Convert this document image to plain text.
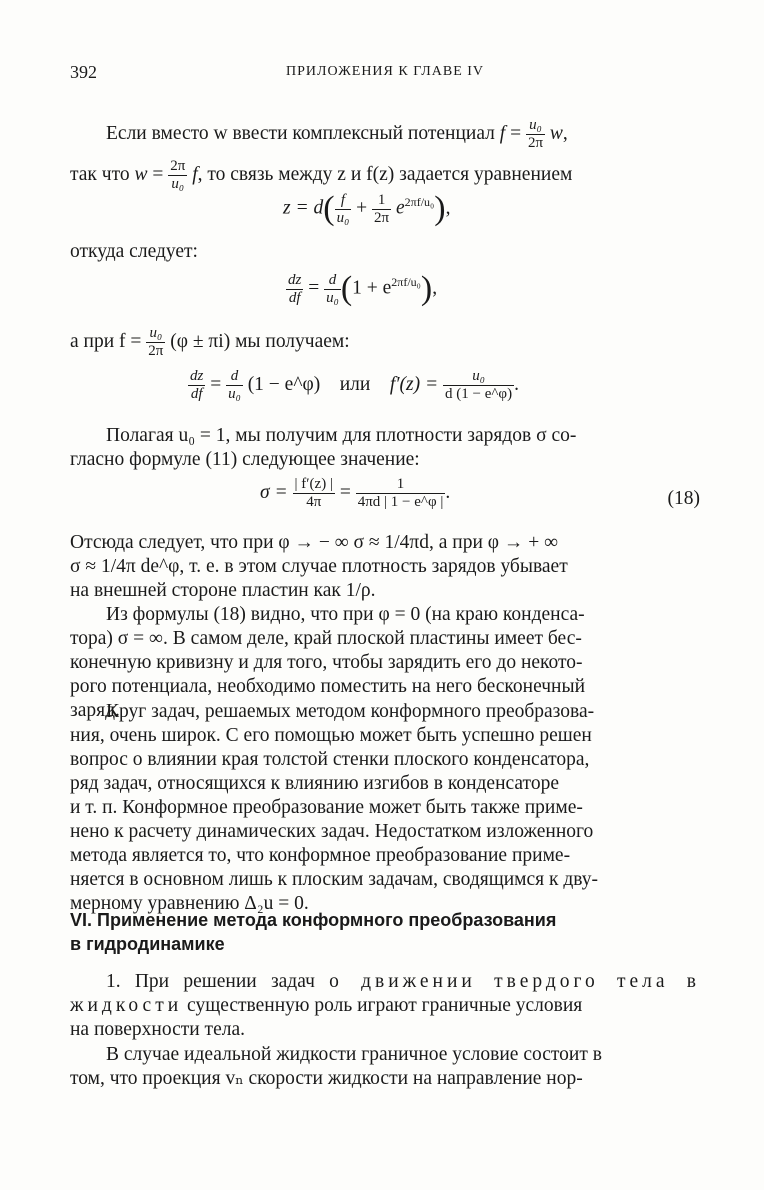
392	ПРИЛОЖЕНИЯ К ГЛАВЕ IV
Если вместо w ввести комплексный потенциал $f = \frac{\text{u₀}}{2\pi} w$,
так что $w = \frac{2\pi}{\text{u₀}} f$, то связь между z и f(z) задается уравнением
$z = d( \frac{f}{\text{u₀}} + \frac{1}{2\pi} e^{2\pi f/u_0})$,
откуда следует:
$\frac{dz}{df} = \frac{d}{\text{u₀}} (1 + e^{2\pi f/u_0})$,
а при $f = \frac{\text{u₀}}{2\pi} (\varphi \pm \pi i)$ мы получаем:
$\frac{dz}{df} = \frac{d}{\text{u₀}} (1$ − e^φ) или $f'(z) = \frac{\text{u₀}}{d (1 - e\^{}\varphi)}$ .
Полагая u₀ = 1, мы получим для плотности зарядов σ со-
гласно формуле (11) следующее значение:
$\sigma = \frac{| f'(z) |}{4\pi} = \frac{1}{4\pi d | 1 - e\^{}\varphi |}$ .	(18)
Отсюда следует, что при φ → − ∞ σ ≈ 1/4πd, а при φ → + ∞
σ ≈ 1/4π de^φ, т. е. в этом случае плотность зарядов убывает
на внешней стороне пластин как 1/ρ.
Из формулы (18) видно, что при φ = 0 (на краю конденса-
тора) σ = ∞. В самом деле, край плоской пластины имеет бес-
конечную кривизну и для того, чтобы зарядить его до некото-
рого потенциала, необходимо поместить на него бесконечный
заряд.
Круг задач, решаемых методом конформного преобразова-
ния, очень широк. С его помощью может быть успешно решен
вопрос о влиянии края толстой стенки плоского конденсатора,
ряд задач, относящихся к влиянию изгибов в конденсаторе
и т. п. Конформное преобразование может быть также приме-
нено к расчету динамических задач. Недостатком изложенного
метода является то, что конформное преобразование приме-
няется в основном лишь к плоским задачам, сводящимся к дву-
мерному уравнению Δ₂u = 0.
VI. Применение метода конформного преобразования
в гидродинамике
1. При решении задач о движении твердого тела в жидкости существенную роль играют граничные условия
на поверхности тела.
В случае идеальной жидкости граничное условие состоит в
том, что проекция vₙ скорости жидкости на направление нор-
